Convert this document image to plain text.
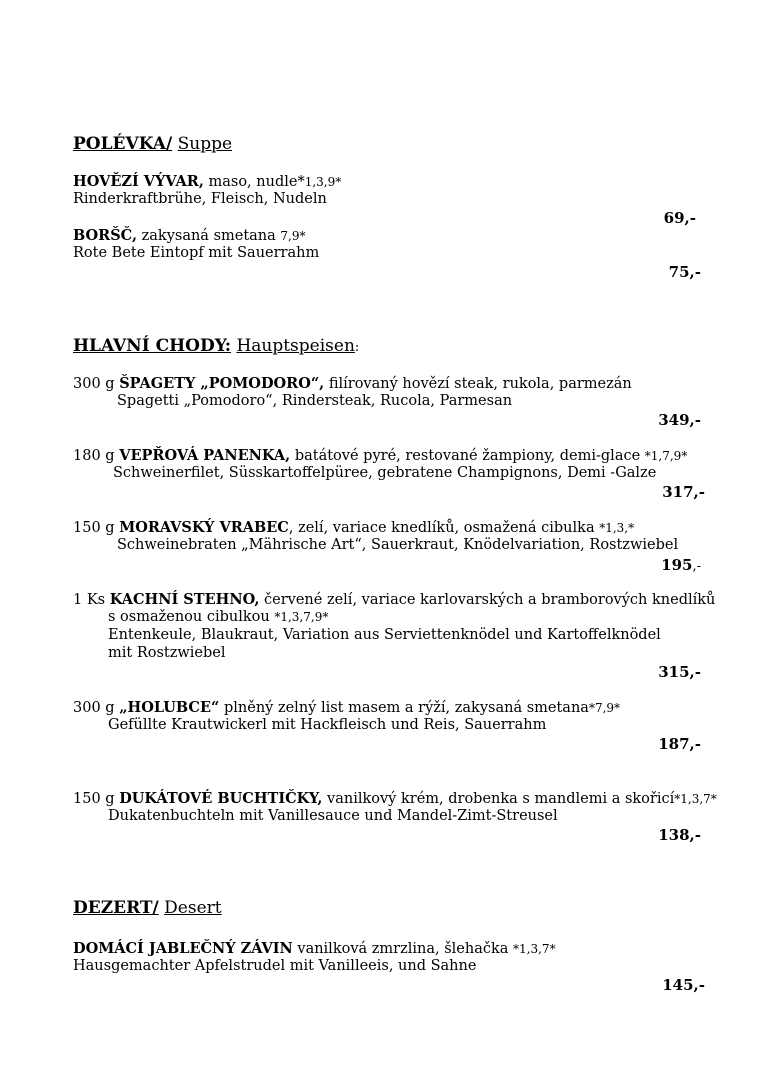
POLÉVKA/ Suppe
HOVĚZÍ VÝVAR, maso, nudle*1,3,9*
Rinderkraftbrühe, Fleisch, Nudeln
69,-
BORŠČ, zakysaná smetana 7,9*
Rote Bete Eintopf mit Sauerrahm
75,-
HLAVNÍ CHODY: Hauptspeisen:
300 g ŠPAGETY „POMODORO“, filírovaný hovězí steak, rukola, parmezán
Spagetti „Pomodoro“, Rindersteak, Rucola, Parmesan
349,-
180 g VEPŘOVÁ PANENKA, batátové pyré, restované žampiony, demi-glace *1,7,9*
Schweinerfilet, Süsskartoffelpüree, gebratene Champignons, Demi -Galze
317,-
150 g MORAVSKÝ VRABEC, zelí, variace knedlíků, osmažená cibulka *1,3,*
Schweinebraten „Mährische Art“, Sauerkraut, Knödelvariation, Rostzwiebel
195,-
1 Ks KACHNÍ STEHNO, červené zelí, variace karlovarských a bramborových knedlíků
s osmaženou cibulkou *1,3,7,9*
Entenkeule, Blaukraut, Variation aus Serviettenknödel und Kartoffelknödel
mit Rostzwiebel
315,-
300 g „HOLUBCE“ plněný zelný list masem a rýží, zakysaná smetana*7,9*
Gefüllte Krautwickerl mit Hackfleisch und Reis, Sauerrahm
187,-
150 g DUKÁTOVÉ BUCHTIČKY, vanilkový krém, drobenka s mandlemi a skořicí*1,3,7*
Dukatenbuchteln mit Vanillesauce und Mandel-Zimt-Streusel
138,-
DEZERT/ Desert
DOMÁCÍ JABLEČNÝ ZÁVIN vanilková zmrzlina, šlehačka *1,3,7*
Hausgemachter Apfelstrudel mit Vanilleeis, und Sahne
145,-
